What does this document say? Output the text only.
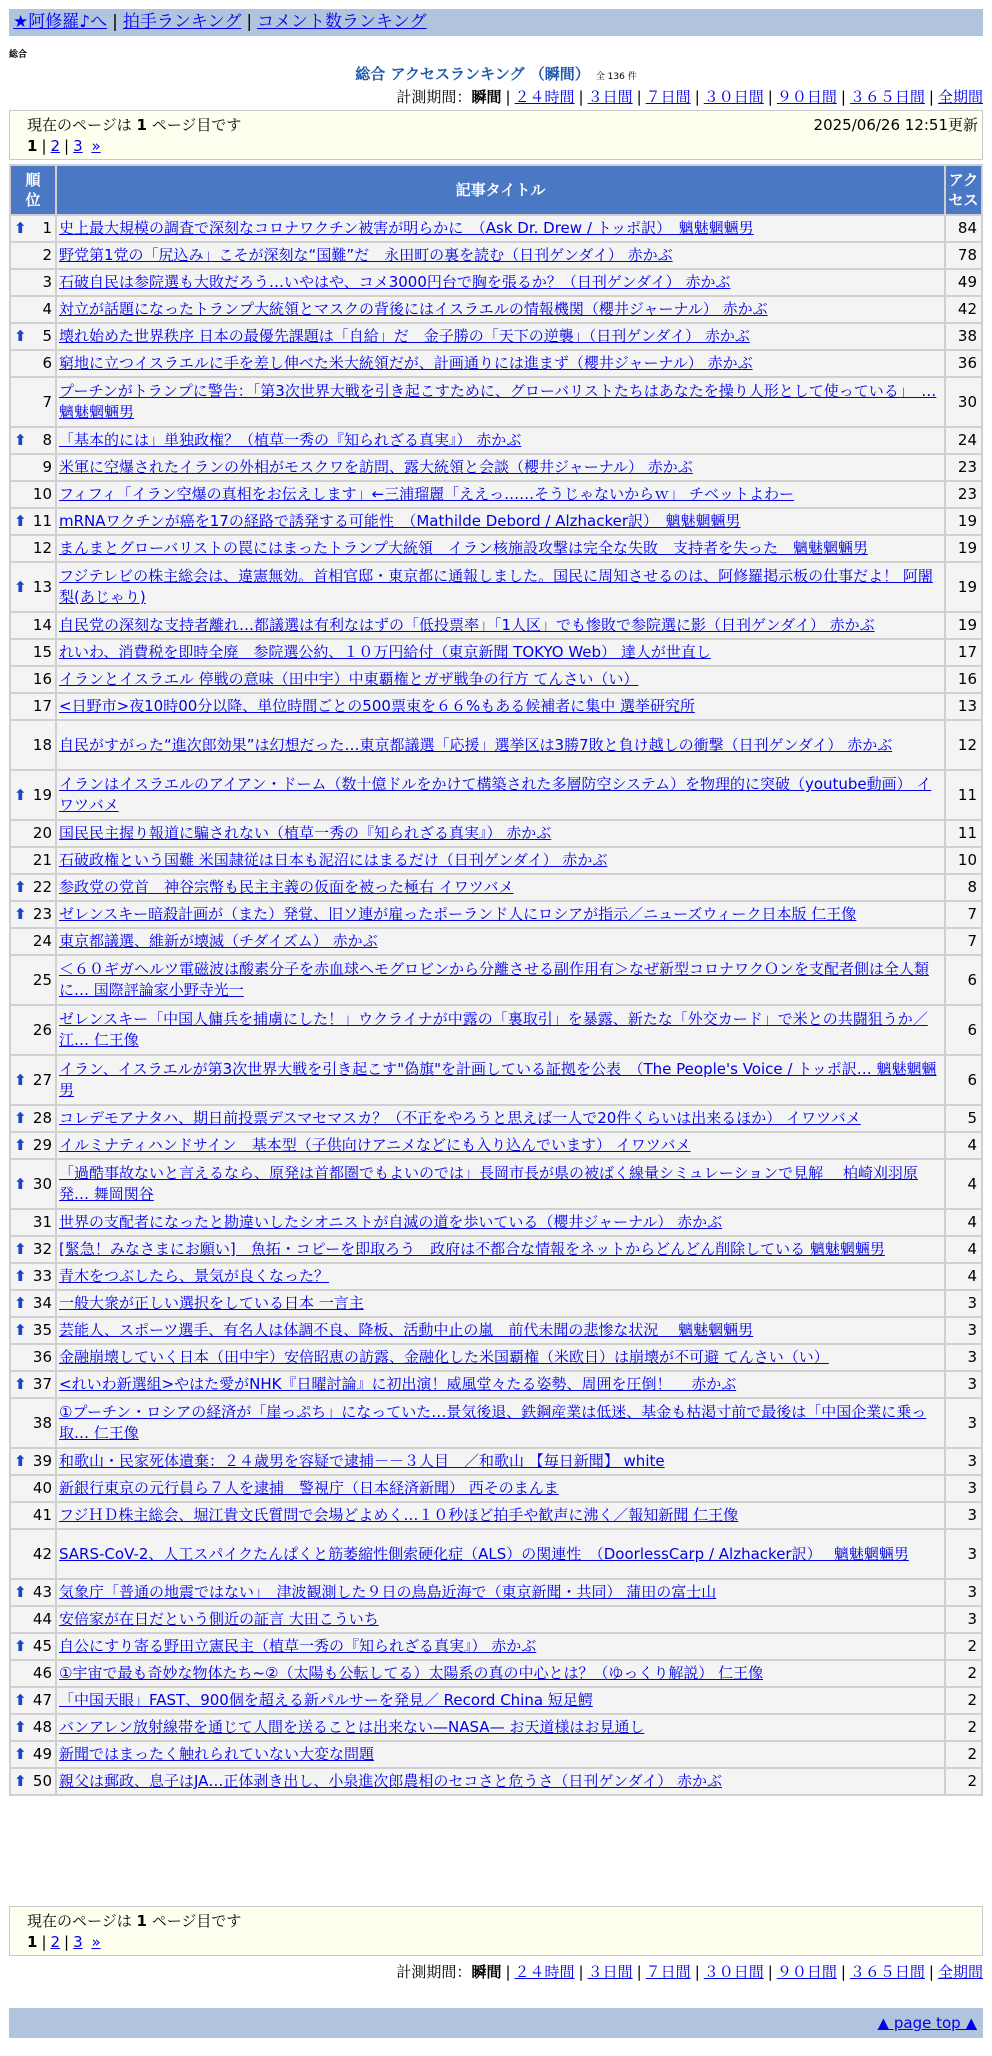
★阿修羅♪へ | 拍手ランキング | コメント数ランキング
総合
総合 アクセスランキング （瞬間） 全 136 件
計測期間：瞬間 | ２４時間 | ３日間 | ７日間 | ３０日間 | ９０日間 | ３６５日間 | 全期間
現在のページは 1 ページ目です	2025/06/26 12:51更新
1 | 2 | 3 »
順位	記事タイトル	アクセス

⬆ 1	史上最大規模の調査で深刻なコロナワクチン被害が明らかに　（Ask Dr. Drew / トッポ訳）　魑魅魍魎男	84
2	野党第1党の「尻込み」こそが深刻な“国難”だ　永田町の裏を読む（日刊ゲンダイ） 赤かぶ	78
3	石破自民は参院選も大敗だろう…いやはや、コメ3000円台で胸を張るか？（日刊ゲンダイ） 赤かぶ	49
4	対立が話題になったトランプ大統領とマスクの背後にはイスラエルの情報機関（櫻井ジャーナル） 赤かぶ	42

⬆ 5	壊れ始めた世界秩序 日本の最優先課題は「自給」だ　金子勝の「天下の逆襲」（日刊ゲンダイ） 赤かぶ	38
6	窮地に立つイスラエルに手を差し伸べた米大統領だが、計画通りには進まず（櫻井ジャーナル） 赤かぶ	36
7	プーチンがトランプに警告：「第3次世界大戦を引き起こすために、グローバリストたちはあなたを操り人形として使っている」　… 魑魅魍魎男	30

⬆ 8	「基本的には」単独政権？（植草一秀の『知られざる真実』） 赤かぶ	24
9	米軍に空爆されたイランの外相がモスクワを訪問、露大統領と会談（櫻井ジャーナル） 赤かぶ	23
10	フィフィ「イラン空爆の真相をお伝えします」←三浦瑠麗「ええっ……そうじゃないからｗ」 チベットよわー	23

⬆ 11	mRNAワクチンが癌を17の経路で誘発する可能性　（Mathilde Debord / Alzhacker訳）　魑魅魍魎男	19
12	まんまとグローバリストの罠にはまったトランプ大統領　イラン核施設攻撃は完全な失敗　支持者を失った　魑魅魍魎男	19

⬆ 13	フジテレビの株主総会は、違憲無効。首相官邸・東京都に通報しました。国民に周知させるのは、阿修羅掲示板の仕事だよ！ 阿闍梨(あじゃり)	19
14	自民党の深刻な支持者離れ…都議選は有利なはずの「低投票率」「1人区」でも惨敗で参院選に影（日刊ゲンダイ） 赤かぶ	19
15	れいわ、消費税を即時全廃　参院選公約、１０万円給付（東京新聞 TOKYO Web） 達人が世直し	17
16	イランとイスラエル 停戦の意味（田中宇）中東覇権とガザ戦争の行方 てんさい（い）	16
17	<日野市>夜10時00分以降、単位時間ごとの500票束を６６%もある候補者に集中 選挙研究所	13
18	自民がすがった“進次郎効果”は幻想だった…東京都議選「応援」選挙区は3勝7敗と負け越しの衝撃（日刊ゲンダイ） 赤かぶ	12

⬆ 19	イランはイスラエルのアイアン・ドーム（数十億ドルをかけて構築された多層防空システム）を物理的に突破（youtube動画） イワツバメ	11
20	国民民主握り報道に騙されない（植草一秀の『知られざる真実』） 赤かぶ	11
21	石破政権という国難 米国隷従は日本も泥沼にはまるだけ（日刊ゲンダイ） 赤かぶ	10

⬆ 22	参政党の党首　神谷宗幣も民主主義の仮面を被った極右 イワツバメ	8

⬆ 23	ゼレンスキー暗殺計画が（また）発覚、旧ソ連が雇ったポーランド人にロシアが指示／ニューズウィーク日本版 仁王像	7
24	東京都議選、維新が壊滅（チダイズム） 赤かぶ	7
25	＜６０ギガヘルツ電磁波は酸素分子を赤血球ヘモグロビンから分離させる副作用有＞なぜ新型コロナワクＯンを支配者側は全人類に… 国際評論家小野寺光一	6
26	ゼレンスキー「中国人傭兵を捕虜にした！」ウクライナが中露の「裏取引」を暴露、新たな「外交カード」で米との共闘狙うか／江… 仁王像	6

⬆ 27	イラン、イスラエルが第3次世界大戦を引き起こす"偽旗"を計画している証拠を公表　（The People's Voice / トッポ訳… 魑魅魍魎男	6

⬆ 28	コレデモアナタハ、期日前投票デスマセマスカ？（不正をやろうと思えば一人で20件くらいは出来るほか） イワツバメ	5

⬆ 29	イルミナティハンドサイン　基本型（子供向けアニメなどにも入り込んでいます） イワツバメ	4

⬆ 30	「過酷事故ないと言えるなら、原発は首都圏でもよいのでは」長岡市長が県の被ばく線量シミュレーションで見解　 柏崎刈羽原発… 舞岡関谷	4
31	世界の支配者になったと勘違いしたシオニストが自滅の道を歩いている（櫻井ジャーナル） 赤かぶ	4

⬆ 32	[緊急！みなさまにお願い]　魚拓・コピーを即取ろう　政府は不都合な情報をネットからどんどん削除している 魑魅魍魎男	4

⬆ 33	青木をつぶしたら、景気が良くなった？	4

⬆ 34	一般大衆が正しい選択をしている日本 一言主	3

⬆ 35	芸能人、スポーツ選手、有名人は体調不良、降板、活動中止の嵐　前代未聞の悲惨な状況　 魑魅魍魎男	3
36	金融崩壊していく日本（田中宇）安倍昭恵の訪露、金融化した米国覇権（米欧日）は崩壊が不可避 てんさい（い）	3

⬆ 37	<れいわ新選組>やはた愛がNHK『日曜討論』に初出演！威風堂々たる姿勢、周囲を圧倒！　 赤かぶ	3
38	①プーチン・ロシアの経済が「崖っぷち」になっていた…景気後退、鉄鋼産業は低迷、基金も枯渇寸前で最後は「中国企業に乗っ取… 仁王像	3

⬆ 39	和歌山・民家死体遺棄：２４歳男を容疑で逮捕－－３人目　／和歌山 【毎日新聞】 white	3
40	新銀行東京の元行員ら７人を逮捕　警視庁（日本経済新聞） 西そのまんま	3
41	フジＨＤ株主総会、堀江貴文氏質問で会場どよめく…１０秒ほど拍手や歓声に沸く／報知新聞 仁王像	3
42	SARS-CoV-2、人工スパイクたんぱくと筋萎縮性側索硬化症（ALS）の関連性　（DoorlessCarp / Alzhacker訳）　 魑魅魍魎男	3

⬆ 43	気象庁「普通の地震ではない」　津波観測した９日の鳥島近海で（東京新聞・共同） 蒲田の富士山	3
44	安倍家が在日だという側近の証言 大田こういち	3

⬆ 45	自公にすり寄る野田立憲民主（植草一秀の『知られざる真実』） 赤かぶ	2
46	①宇宙で最も奇妙な物体たち~②（太陽も公転してる）太陽系の真の中心とは？（ゆっくり解説） 仁王像	2

⬆ 47	「中国天眼」FAST、900個を超える新パルサーを発見／ Record China 短足鰐	2

⬆ 48	バンアレン放射線帯を通じて人間を送ることは出来ない—NASA— お天道様はお見通し	2

⬆ 49	新聞ではまったく触れられていない大変な問題	2

⬆ 50	親父は郵政、息子はJA…正体剥き出し、小泉進次郎農相のセコさと危うさ（日刊ゲンダイ） 赤かぶ	2
現在のページは 1 ページ目です
1 | 2 | 3 »
計測期間：瞬間 | ２４時間 | ３日間 | ７日間 | ３０日間 | ９０日間 | ３６５日間 | 全期間
▲ page top ▲
